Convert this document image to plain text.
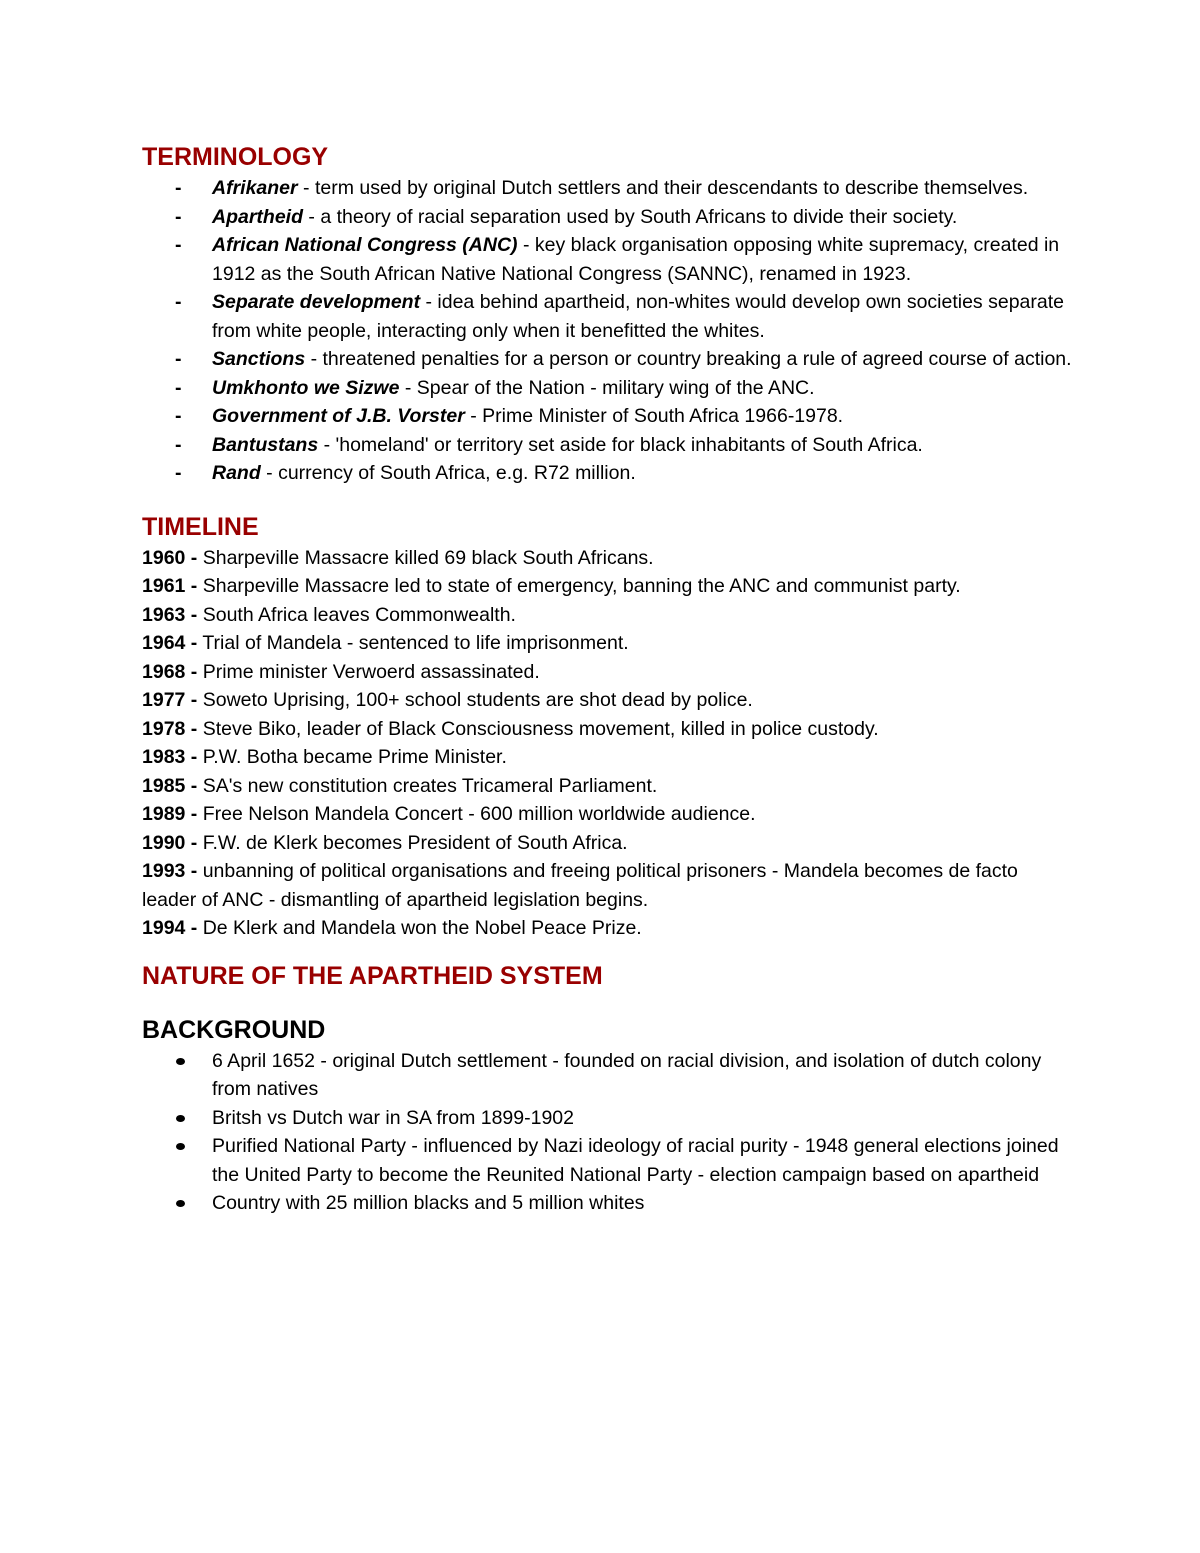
TERMINOLOGY
- Afrikaner - term used by original Dutch settlers and their descendants to describe themselves.
- Apartheid - a theory of racial separation used by South Africans to divide their society.
- African National Congress (ANC) - key black organisation opposing white supremacy, created in 1912 as the South African Native National Congress (SANNC), renamed in 1923.
- Separate development - idea behind apartheid, non-whites would develop own societies separate from white people, interacting only when it benefitted the whites.
- Sanctions - threatened penalties for a person or country breaking a rule of agreed course of action.
- Umkhonto we Sizwe - Spear of the Nation - military wing of the ANC.
- Government of J.B. Vorster - Prime Minister of South Africa 1966-1978.
- Bantustans - 'homeland' or territory set aside for black inhabitants of South Africa.
- Rand - currency of South Africa, e.g. R72 million.
TIMELINE

1960 - Sharpeville Massacre killed 69 black South Africans.

1961 - Sharpeville Massacre led to state of emergency, banning the ANC and communist party.

1963 - South Africa leaves Commonwealth.

1964 - Trial of Mandela - sentenced to life imprisonment.

1968 - Prime minister Verwoerd assassinated.

1977 - Soweto Uprising, 100+ school students are shot dead by police.

1978 - Steve Biko, leader of Black Consciousness movement, killed in police custody.

1983 - P.W. Botha became Prime Minister.

1985 - SA's new constitution creates Tricameral Parliament.

1989 - Free Nelson Mandela Concert - 600 million worldwide audience.

1990 - F.W. de Klerk becomes President of South Africa.

1993 - unbanning of political organisations and freeing political prisoners - Mandela becomes de facto leader of ANC - dismantling of apartheid legislation begins.

1994 - De Klerk and Mandela won the Nobel Peace Prize.

NATURE OF THE APARTHEID SYSTEM
BACKGROUND
6 April 1652 - original Dutch settlement - founded on racial division, and isolation of dutch colony from natives
Britsh vs Dutch war in SA from 1899-1902
Purified National Party - influenced by Nazi ideology of racial purity - 1948 general elections joined the United Party to become the Reunited National Party - election campaign based on apartheid
Country with 25 million blacks and 5 million whites
